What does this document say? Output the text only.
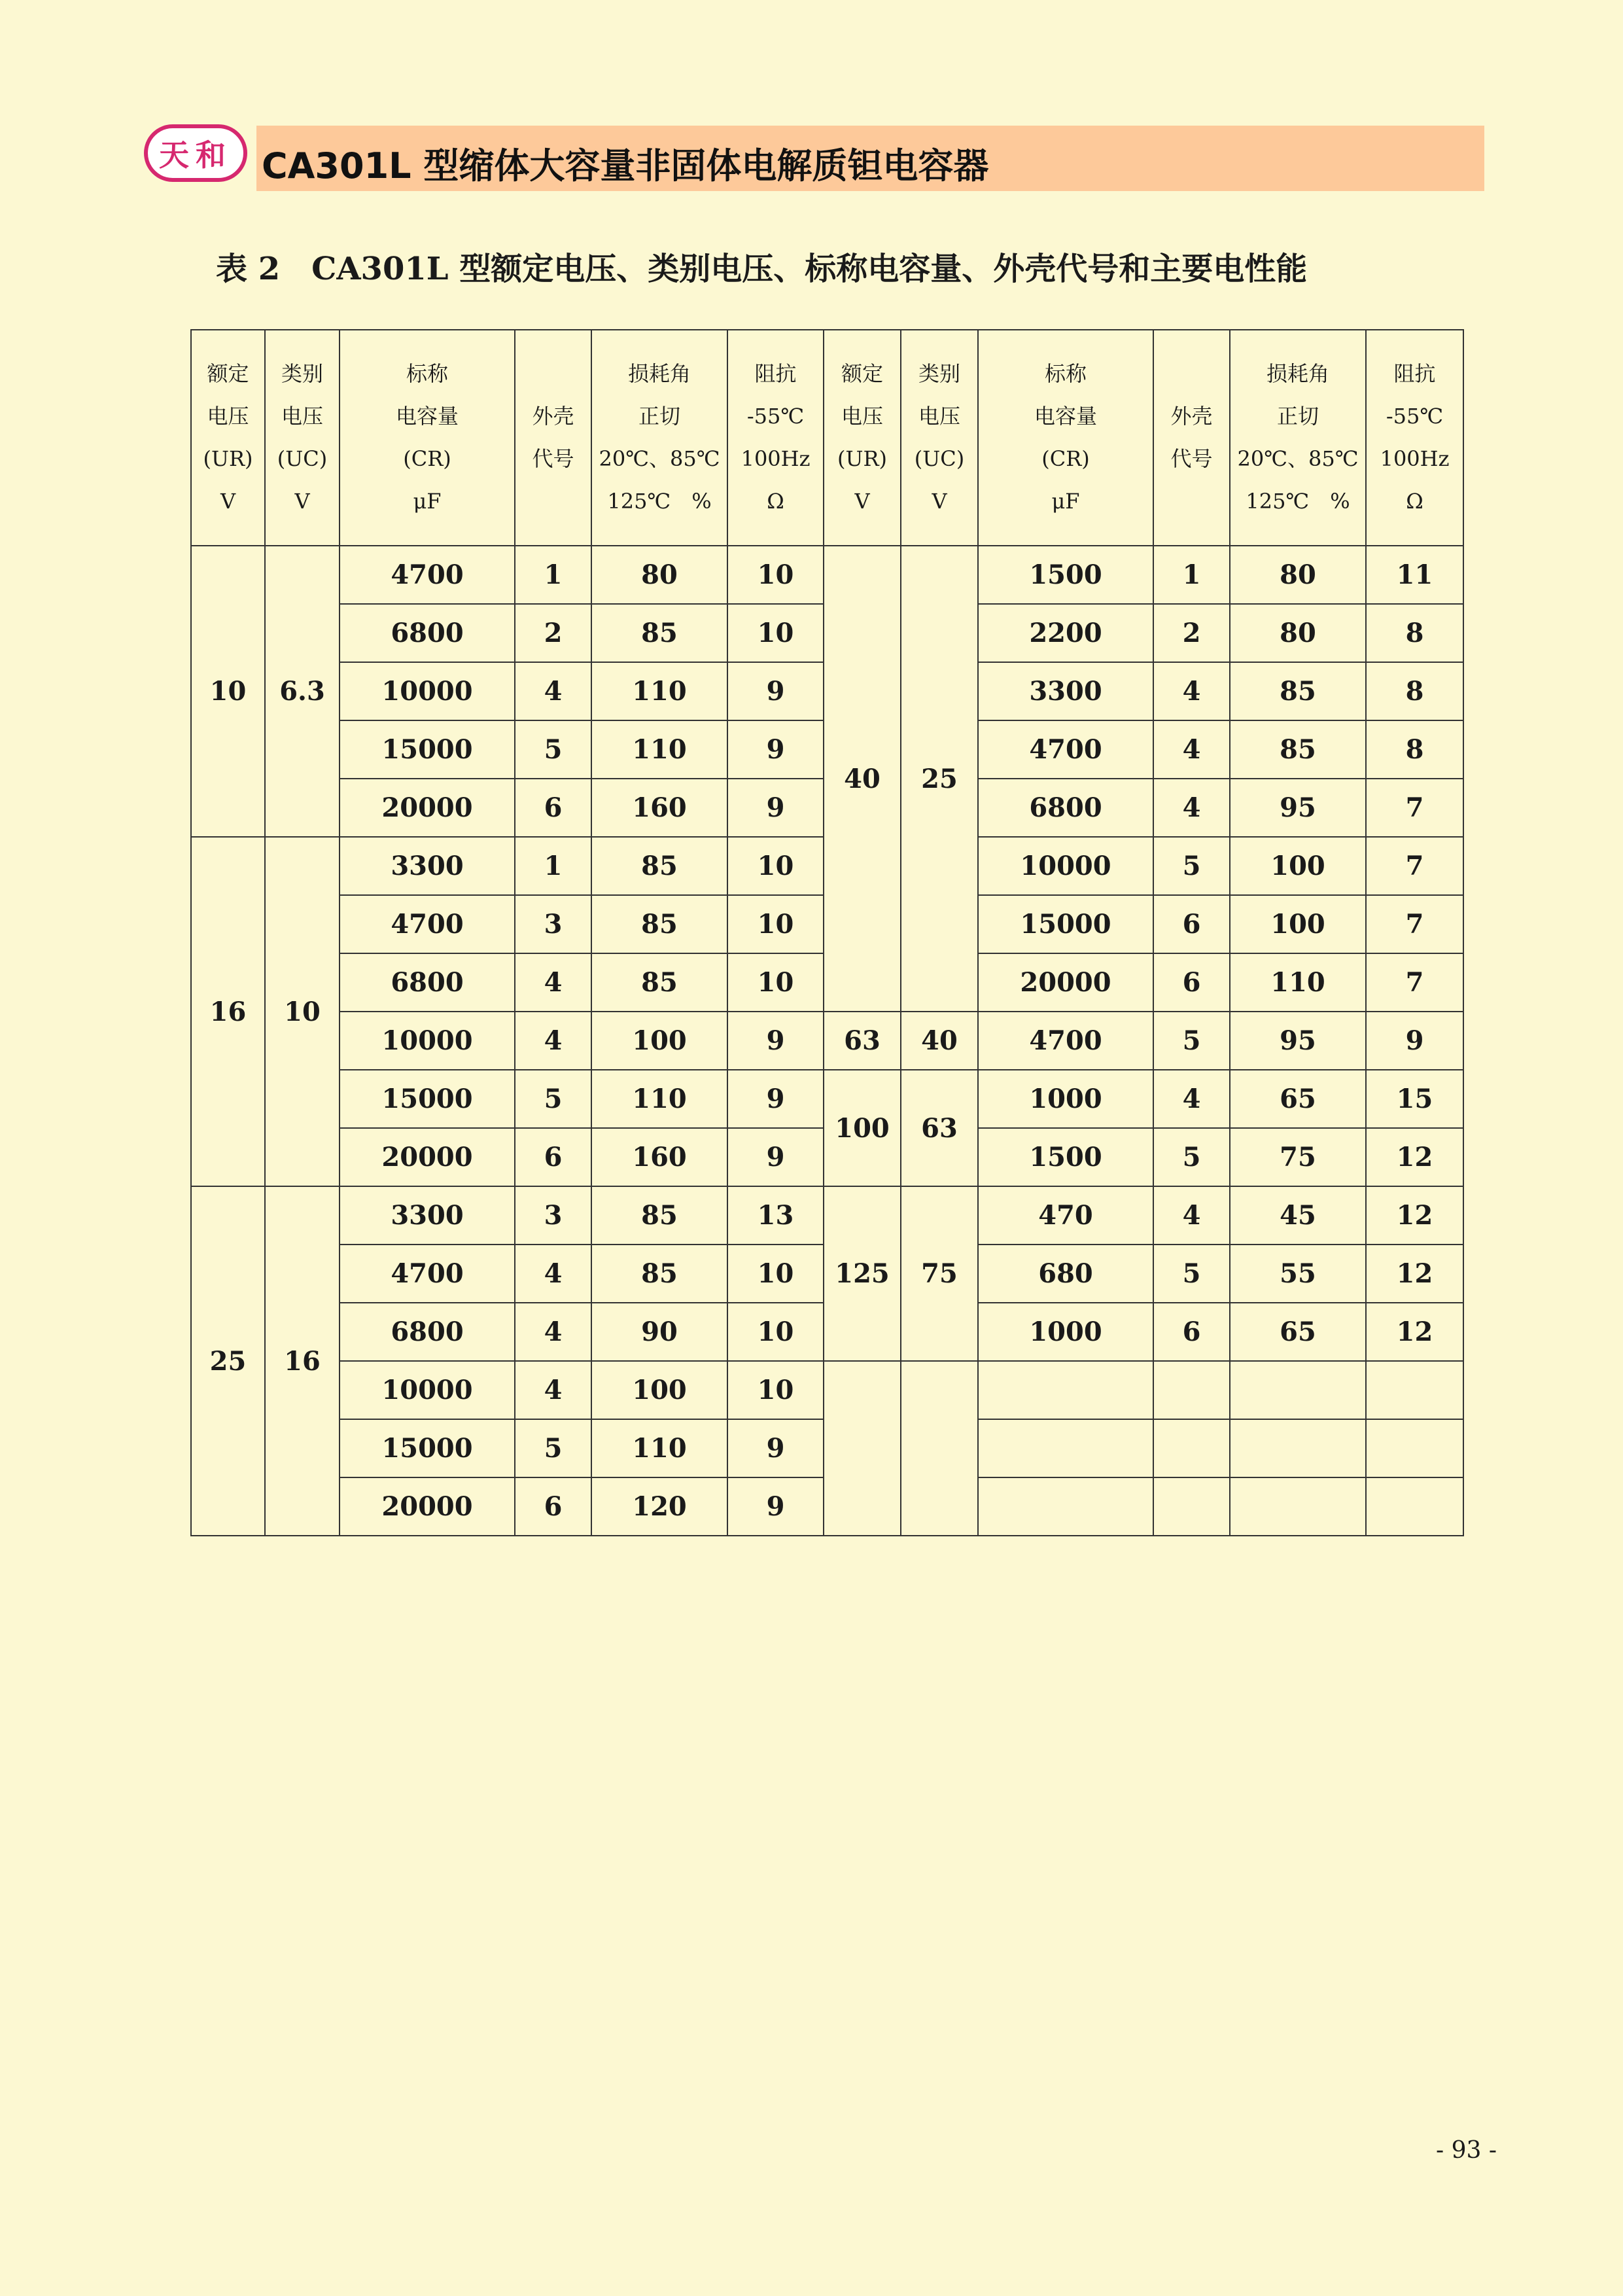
天和 CA301L 型缩体大容量非固体电解质钽电容器
表 2　CA301L 型额定电压、类别电压、标称电容量、外壳代号和主要电性能
额定
电压
(UR)
V	类别
电压
(UC)
V	标称
电容量
(CR)
μF	外壳
代号	损耗角
正切
20℃、85℃
125℃　%	阻抗
-55℃
100Hz
Ω	额定
电压
(UR)
V	类别
电压
(UC)
V	标称
电容量
(CR)
μF	外壳
代号	损耗角
正切
20℃、85℃
125℃　%	阻抗
-55℃
100Hz
Ω

10	6.3	4700	1	80	10	40	25	1500	1	80	11
		6800	2	85	10			2200	2	80	8
		10000	4	110	9			3300	4	85	8
		15000	5	110	9			4700	4	85	8
		20000	6	160	9			6800	4	95	7
16	10	3300	1	85	10			10000	5	100	7
		4700	3	85	10			15000	6	100	7
		6800	4	85	10			20000	6	110	7
		10000	4	100	9	63	40	4700	5	95	9
		15000	5	110	9	100	63	1000	4	65	15
		20000	6	160	9			1500	5	75	12
25	16	3300	3	85	13	125	75	470	4	45	12
		4700	4	85	10			680	5	55	12
		6800	4	90	10			1000	6	65	12
		10000	4	100	10						
		15000	5	110	9						
		20000	6	120	9						
- 93 -
